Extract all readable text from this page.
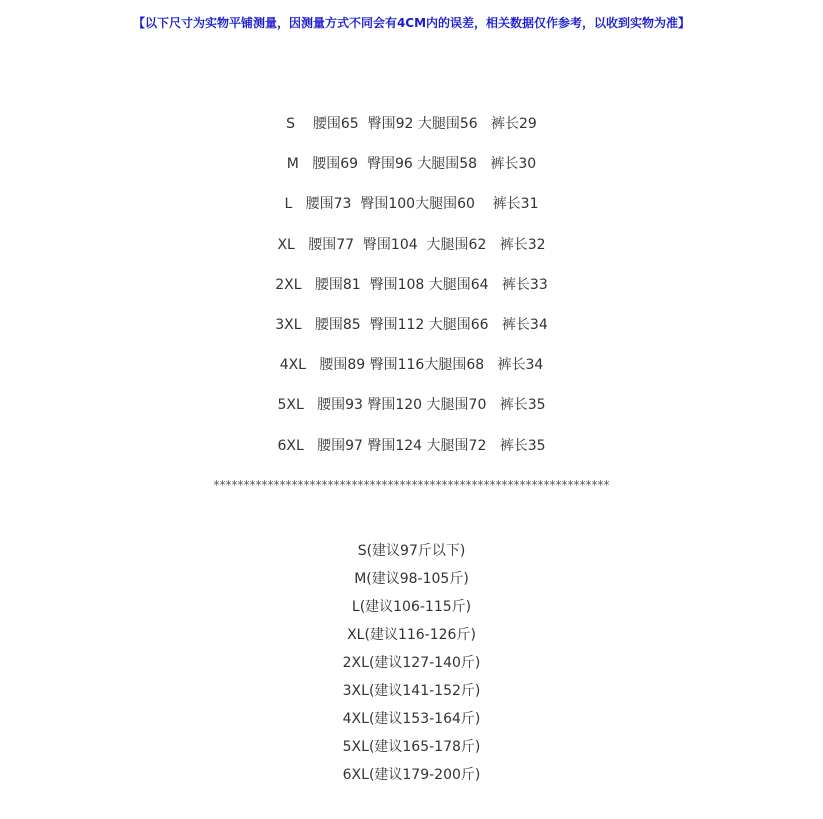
【以下尺寸为实物平铺测量，因测量方式不同会有4CM内的误差，相关数据仅作参考，以收到实物为准】
S    腰围65  臀围92 大腿围56   裤长29
M   腰围69  臀围96 大腿围58   裤长30
L   腰围73  臀围100大腿围60    裤长31
XL   腰围77  臀围104  大腿围62   裤长32
2XL   腰围81  臀围108 大腿围64   裤长33
3XL   腰围85  臀围112 大腿围66   裤长34
4XL   腰围89 臀围116大腿围68   裤长34
5XL   腰围93 臀围120 大腿围70   裤长35
6XL   腰围97 臀围124 大腿围72   裤长35
******************************************************************
S(建议97斤以下)
M(建议98-105斤)
L(建议106-115斤)
XL(建议116-126斤)
2XL(建议127-140斤)
3XL(建议141-152斤)
4XL(建议153-164斤)
5XL(建议165-178斤)
6XL(建议179-200斤)
